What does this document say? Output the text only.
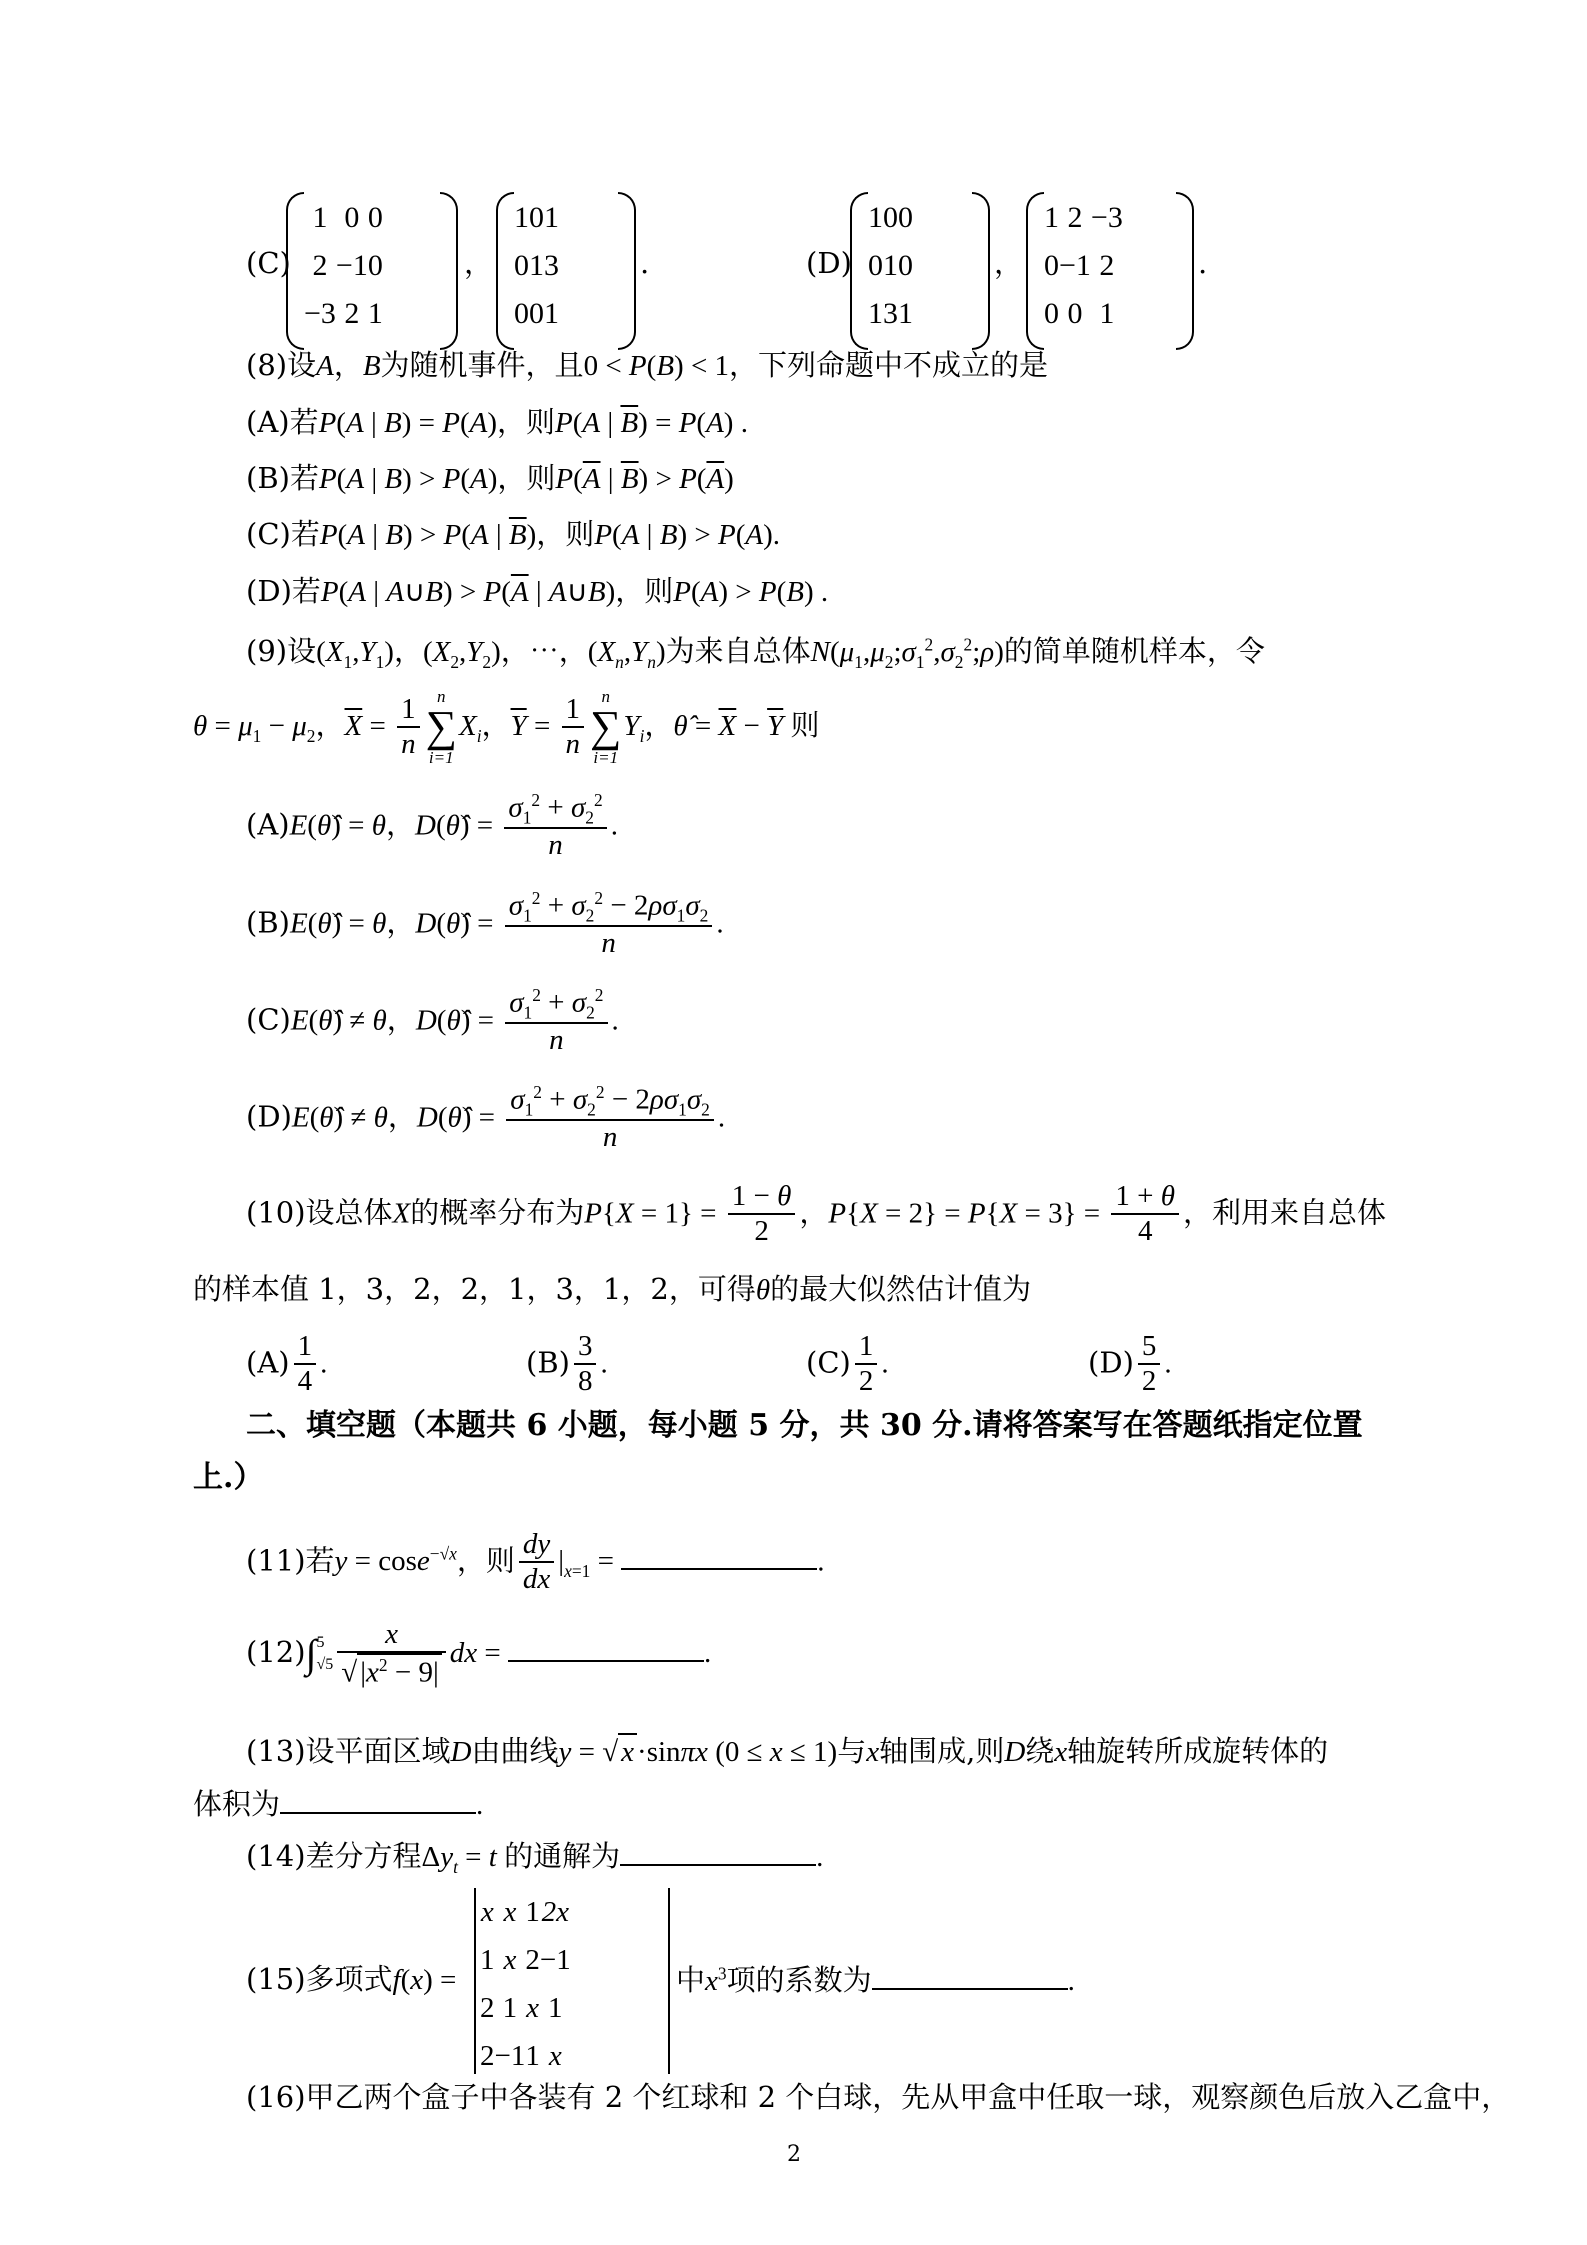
(C)
1	0	0
2	−1	0
−3	2	1
，
1	0	1
0	1	3
0	0	1
.	(D)
1	0	0
0	1	0
1	3	1
，
1	2	−3
0	−1	2
0	0	1
.
(8)设A，B为随机事件，且0 < P(B) < 1，下列命题中不成立的是
(A)若P(A | B) = P(A)，则P(A | $\overline{B}) = P(A)$ .
(B)若P(A | B) > P(A)，则$P(\overline{A}$ | $\overline{B}) > P(\overline{A})$
(C)若P(A | B) > P(A | $\overline{B}$)，则P(A | B) > P(A).
(D)若P(A | A∪B) > $P(\overline{A}$ | A∪B)，则P(A) > P(B) .
(9)设$(X_1,Y_1)$，$(X_2,Y_2)$，⋯，$(X_n,Y_n)$为来自总体$N(\mu_1,\mu_2;\sigma_1^2,\sigma_2^2;\rho)$的简单随机样本，令
$\theta = \mu_1 - \mu_2$，$\overline{X} = \frac{1}{n}$	n
∑
i=1
$X_i$，$\overline{Y} = \frac{1}{n}$	n
∑
i=1
$Y_i$，θ̂ = $\overline{X} - \overline{Y}$ 则
(A)E(θ̂) = θ，D(θ̂) = $\frac{\sigma_1^2 + \sigma_2^2}{n}$ .
(B)E(θ̂) = θ，D(θ̂) = $\frac{\sigma_1^2 + \sigma_2^2 - 2\rho\sigma_1\sigma_2}{n}$ .
(C)E(θ̂) ≠ θ，D(θ̂) = $\frac{\sigma_1^2 + \sigma_2^2}{n}$ .
(D)E(θ̂) ≠ θ，D(θ̂) = $\frac{\sigma_1^2 + \sigma_2^2 - 2\rho\sigma_1\sigma_2}{n}$ .
(10)设总体X的概率分布为$P\{X = 1\} = \frac{1 - \theta}{2}$ ，$P\{X = 2\} = P\{X = 3\} = \frac{1 + \theta}{4}$ ，利用来自总体
的样本值 1，3，2，2，1，3，1，2，可得θ的最大似然估计值为
$(A) \frac{1}{4}$ .	$(B) \frac{3}{8}$ .	$(C) \frac{1}{2}$ .	$(D) \frac{5}{2}$ .
二、填空题（本题共 6 小题，每小题 5 分，共 30 分.请将答案写在答题纸指定位置
上.）
(11)若y = cose$^{-√x}$，则 $\frac{dy}{dx} |_{x=1}$ =	.
(12)∫ 5
$√5 \frac{x}{√ |x^2 - 9|}$ dx =	.
(13)设平面区域D由曲线y = √ x ·sinπx (0 ≤ x ≤ 1)与x轴围成,则D绕x轴旋转所成旋转体的
体积为	.
(14)差分方程$\Delta y_t = t$ 的通解为	.
(15)多项式f(x) =
x	x	1	2x
1	x	2	−1
2	1	x	1
2	−1	1	x
中$x^3$项的系数为	.
(16)甲乙两个盒子中各装有 2 个红球和 2 个白球，先从甲盒中任取一球，观察颜色后放入乙盒中，
2
